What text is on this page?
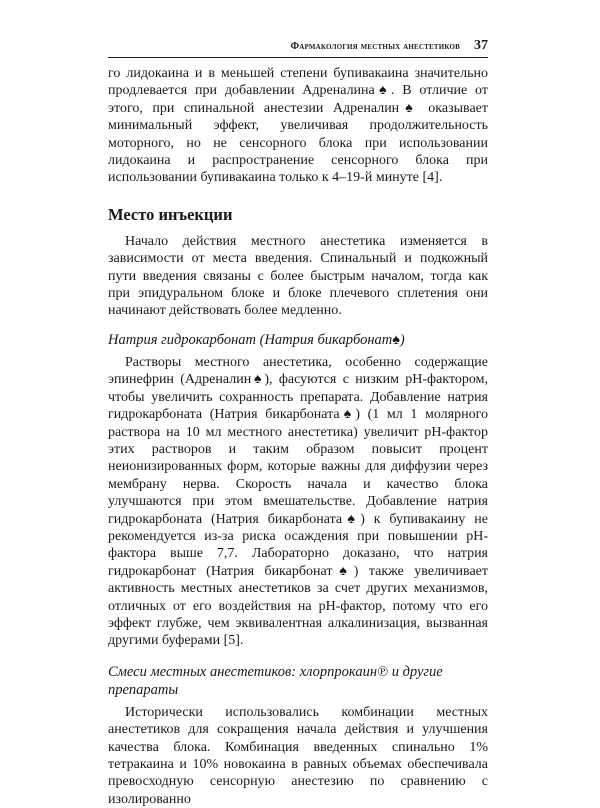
Фармакология местных анестетиков 37

го лидокаина и в меньшей степени бупивакаина значительно продлевается при добавлении Адреналина♠. В отличие от этого, при спинальной анестезии Адреналин♠ оказывает минимальный эффект, увеличивая продолжительность моторного, но не сенсорного блока при использовании лидокаина и распространение сенсорного блока при использовании бупивакаина только к 4–19-й минуте [4].

Место инъекции

Начало действия местного анестетика изменяется в зависимости от места введения. Спинальный и подкожный пути введения связаны с более быстрым началом, тогда как при эпидуральном блоке и блоке плечевого сплетения они начинают действовать более медленно.

Натрия гидрокарбонат (Натрия бикарбонат♠)

Растворы местного анестетика, особенно содержащие эпинефрин (Адреналин♠), фасуются с низким pH-фактором, чтобы увеличить сохранность препарата. Добавление натрия гидрокарбоната (Натрия бикарбоната♠) (1 мл 1 молярного раствора на 10 мл местного анестетика) увеличит pH-фактор этих растворов и таким образом повысит процент неионизированных форм, которые важны для диффузии через мембрану нерва. Скорость начала и качество блока улучшаются при этом вмешательстве. Добавление натрия гидрокарбоната (Натрия бикарбоната♠) к бупивакаину не рекомендуется из-за риска осаждения при повышении pH-фактора выше 7,7. Лабораторно доказано, что натрия гидрокарбонат (Натрия бикарбонат♠) также увеличивает активность местных анестетиков за счет других механизмов, отличных от его воздействия на pH-фактор, потому что его эффект глубже, чем эквивалентная алкалинизация, вызванная другими буферами [5].

Смеси местных анестетиков: хлорпрокаин℗ и другие препараты

Исторически использовались комбинации местных анестетиков для сокращения начала действия и улучшения качества блока. Комбинация введенных спинально 1% тетракаина и 10% новокаина в равных объемах обеспечивала превосходную сенсорную анестезию по сравнению с изолированно
